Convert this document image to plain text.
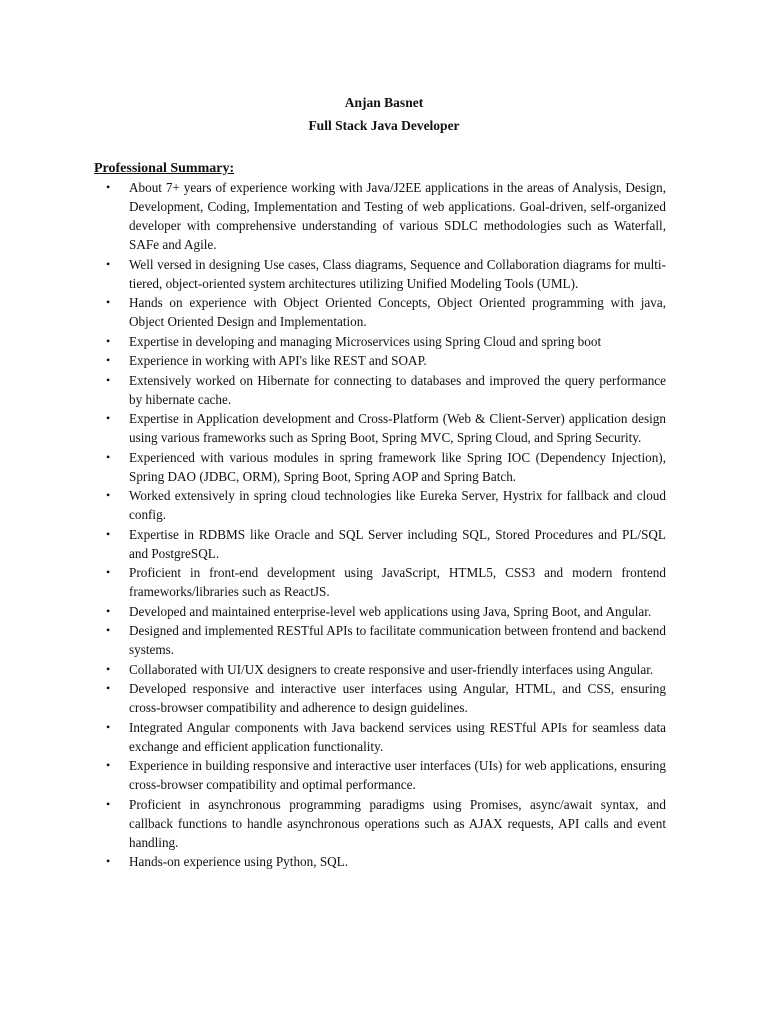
Anjan Basnet

Full Stack Java Developer

Professional Summary:

• About 7+ years of experience working with Java/J2EE applications in the areas of Analysis, Design, Development, Coding, Implementation and Testing of web applications. Goal-driven, self-organized developer with comprehensive understanding of various SDLC methodologies such as Waterfall, SAFe and Agile.
• Well versed in designing Use cases, Class diagrams, Sequence and Collaboration diagrams for multi-tiered, object-oriented system architectures utilizing Unified Modeling Tools (UML).
• Hands on experience with Object Oriented Concepts, Object Oriented programming with java, Object Oriented Design and Implementation.
• Expertise in developing and managing Microservices using Spring Cloud and spring boot
• Experience in working with API's like REST and SOAP.
• Extensively worked on Hibernate for connecting to databases and improved the query performance by hibernate cache.
• Expertise in Application development and Cross-Platform (Web & Client-Server) application design using various frameworks such as Spring Boot, Spring MVC, Spring Cloud, and Spring Security.
• Experienced with various modules in spring framework like Spring IOC (Dependency Injection), Spring DAO (JDBC, ORM), Spring Boot, Spring AOP and Spring Batch.
• Worked extensively in spring cloud technologies like Eureka Server, Hystrix for fallback and cloud config.
• Expertise in RDBMS like Oracle and SQL Server including SQL, Stored Procedures and PL/SQL and PostgreSQL.
• Proficient in front-end development using JavaScript, HTML5, CSS3 and modern frontend frameworks/libraries such as ReactJS.
• Developed and maintained enterprise-level web applications using Java, Spring Boot, and Angular.
• Designed and implemented RESTful APIs to facilitate communication between frontend and backend systems.
• Collaborated with UI/UX designers to create responsive and user-friendly interfaces using Angular.
• Developed responsive and interactive user interfaces using Angular, HTML, and CSS, ensuring cross-browser compatibility and adherence to design guidelines.
• Integrated Angular components with Java backend services using RESTful APIs for seamless data exchange and efficient application functionality.
• Experience in building responsive and interactive user interfaces (UIs) for web applications, ensuring cross-browser compatibility and optimal performance.
• Proficient in asynchronous programming paradigms using Promises, async/await syntax, and callback functions to handle asynchronous operations such as AJAX requests, API calls and event handling.
• Hands-on experience using Python, SQL.
